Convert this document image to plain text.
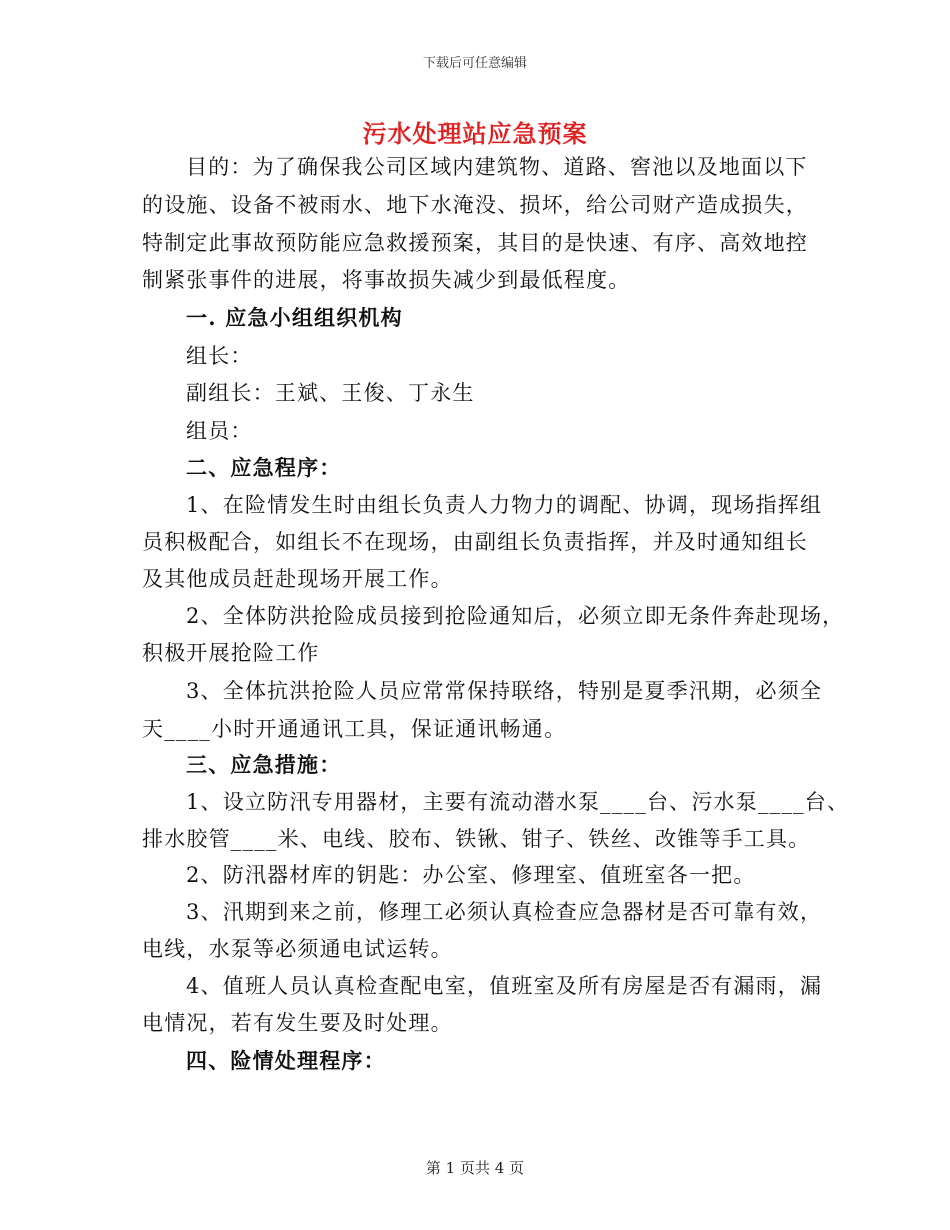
下载后可任意编辑
污水处理站应急预案
目的：为了确保我公司区域内建筑物、道路、窖池以及地面以下
的设施、设备不被雨水、地下水淹没、损坏，给公司财产造成损失，
特制定此事故预防能应急救援预案，其目的是快速、有序、高效地控
制紧张事件的进展，将事故损失减少到最低程度。
一. 应急小组组织机构
组长：
副组长：王斌、王俊、丁永生
组员：
二、应急程序：
1、在险情发生时由组长负责人力物力的调配、协调，现场指挥组
员积极配合，如组长不在现场，由副组长负责指挥，并及时通知组长
及其他成员赶赴现场开展工作。
2、全体防洪抢险成员接到抢险通知后，必须立即无条件奔赴现场，
积极开展抢险工作
3、全体抗洪抢险人员应常常保持联络，特别是夏季汛期，必须全
天____小时开通通讯工具，保证通讯畅通。
三、应急措施：
1、设立防汛专用器材，主要有流动潜水泵____台、污水泵____台、
排水胶管____米、电线、胶布、铁锹、钳子、铁丝、改锥等手工具。
2、防汛器材库的钥匙：办公室、修理室、值班室各一把。
3、汛期到来之前，修理工必须认真检查应急器材是否可靠有效，
电线，水泵等必须通电试运转。
4、值班人员认真检查配电室，值班室及所有房屋是否有漏雨，漏
电情况，若有发生要及时处理。
四、险情处理程序：
第 1 页共 4 页
